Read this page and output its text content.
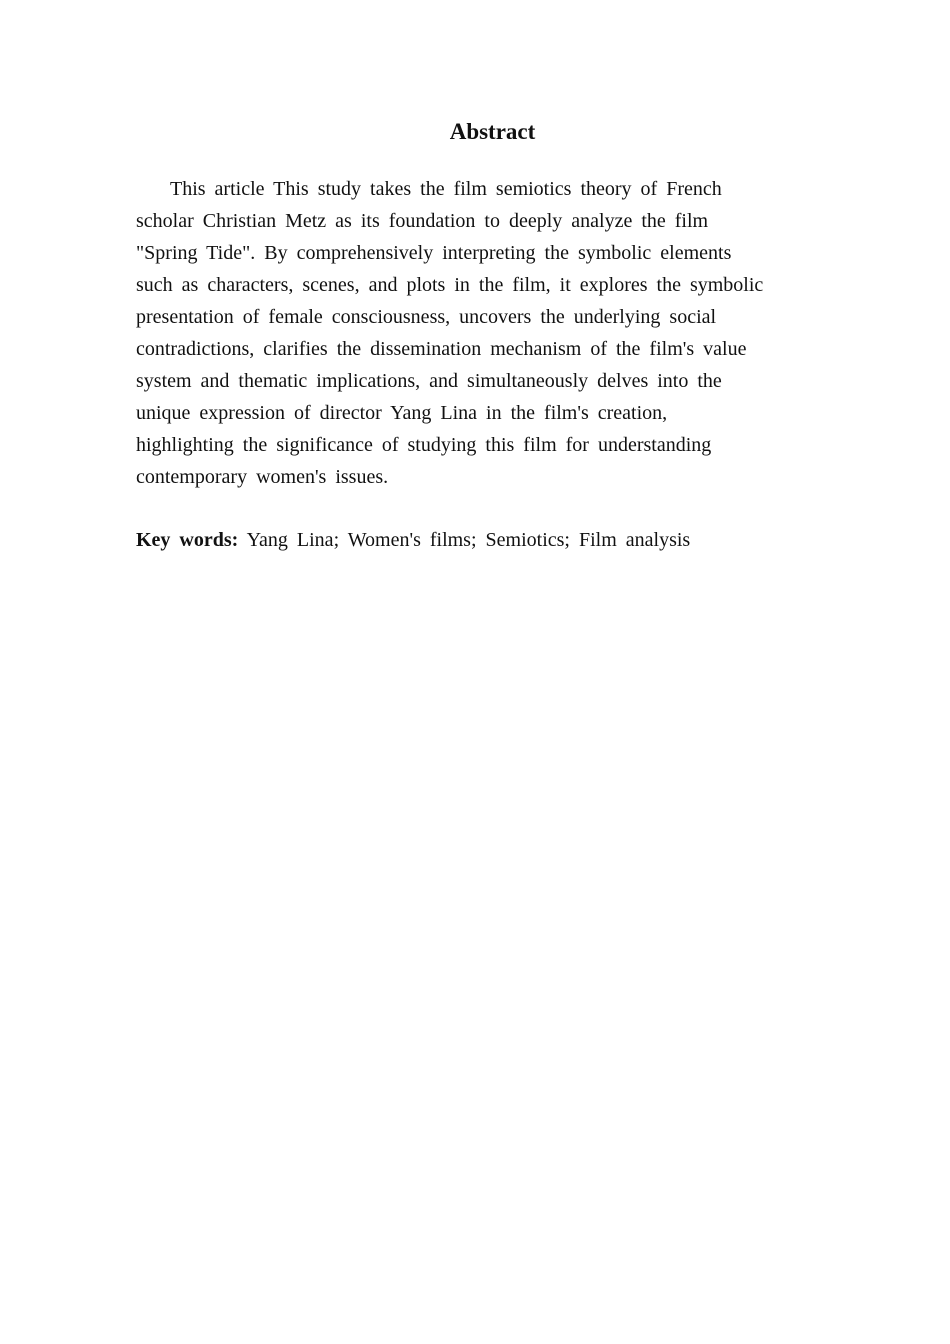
Abstract
This article This study takes the film semiotics theory of French
scholar Christian Metz as its foundation to deeply analyze the film
"Spring Tide". By comprehensively interpreting the symbolic elements
such as characters, scenes, and plots in the film, it explores the symbolic
presentation of female consciousness, uncovers the underlying social
contradictions, clarifies the dissemination mechanism of the film's value
system and thematic implications, and simultaneously delves into the
unique expression of director Yang Lina in the film's creation,
highlighting the significance of studying this film for understanding
contemporary women's issues.

Key words: Yang Lina; Women's films; Semiotics; Film analysis
